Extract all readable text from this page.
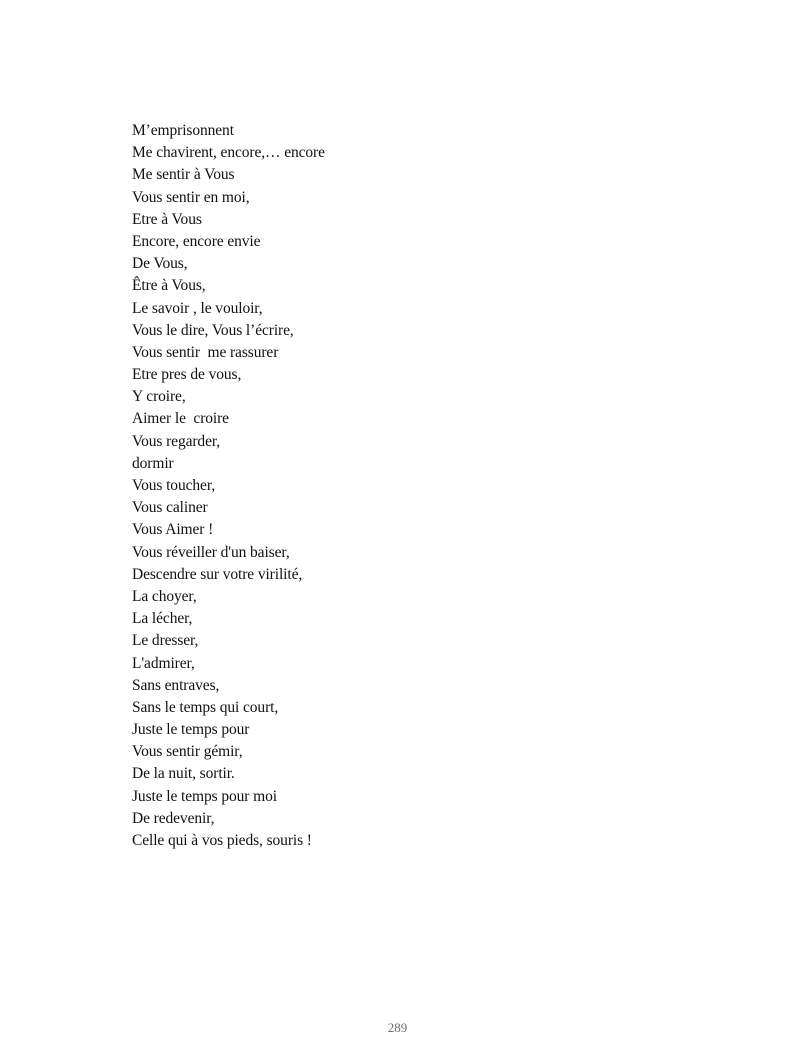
M’emprisonnent
Me chavirent, encore,… encore
Me sentir à Vous
Vous sentir en moi,
Etre à Vous
Encore, encore envie
De Vous,
Être à Vous,
Le savoir , le vouloir,
Vous le dire, Vous l’écrire,
Vous sentir  me rassurer
Etre pres de vous,
Y croire,
Aimer le  croire
Vous regarder,
dormir
Vous toucher,
Vous caliner
Vous Aimer !
Vous réveiller d'un baiser,
Descendre sur votre virilité,
La choyer,
La lécher,
Le dresser,
L'admirer,
Sans entraves,
Sans le temps qui court,
Juste le temps pour
Vous sentir gémir,
De la nuit, sortir.
Juste le temps pour moi
De redevenir,
Celle qui à vos pieds, souris !
289
